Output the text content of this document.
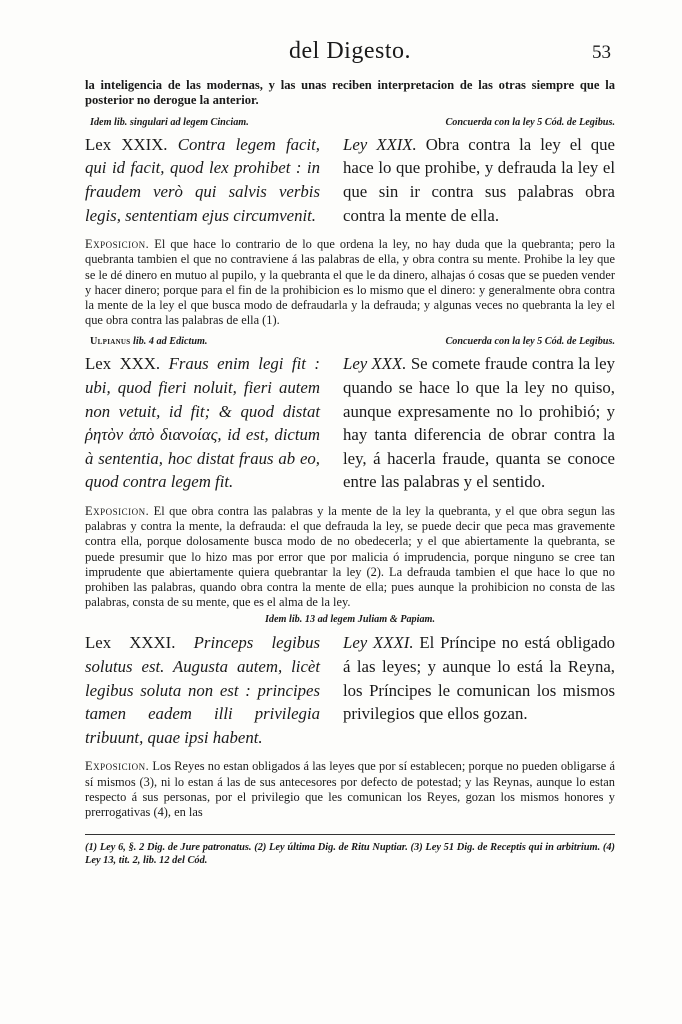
del Digesto.	53

la inteligencia de las modernas, y las unas reciben interpretacion de las otras siempre que la posterior no derogue la anterior.

Idem lib. singulari ad legem Cinciam.	Concuerda con la ley 5 Cód. de Legibus.
Lex XXIX. Contra legem facit, qui id facit, quod lex prohibet : in fraudem verò qui salvis verbis legis, sententiam ejus circumvenit.
Ley XXIX. Obra contra la ley el que hace lo que prohibe, y defrauda la ley el que sin ir contra sus palabras obra contra la mente de ella.

Exposicion. El que hace lo contrario de lo que ordena la ley, no hay duda que la quebranta; pero la quebranta tambien el que no contraviene á las palabras de ella, y obra contra su mente. Prohibe la ley que se le dé dinero en mutuo al pupilo, y la quebranta el que le da dinero, alhajas ó cosas que se pueden vender y hacer dinero; porque para el fin de la prohibicion es lo mismo que el dinero: y generalmente obra contra la mente de la ley el que busca modo de defraudarla y la defrauda; y algunas veces no quebranta la ley el que obra contra las palabras de ella (1).

Ulpianus lib. 4 ad Edictum.	Concuerda con la ley 5 Cód. de Legibus.
Lex XXX. Fraus enim legi fit : ubi, quod fieri noluit, fieri autem non vetuit, id fit; & quod distat ῥητὸν ἀπὸ διανοίας, id est, dictum à sententia, hoc distat fraus ab eo, quod contra legem fit.
Ley XXX. Se comete fraude contra la ley quando se hace lo que la ley no quiso, aunque expresamente no lo prohibió; y hay tanta diferencia de obrar contra la ley, á hacerla fraude, quanta se conoce entre las palabras y el sentido.

Exposicion. El que obra contra las palabras y la mente de la ley la quebranta, y el que obra segun las palabras y contra la mente, la defrauda: el que defrauda la ley, se puede decir que peca mas gravemente contra ella, porque dolosamente busca modo de no obedecerla; y el que abiertamente la quebranta, se puede presumir que lo hizo mas por error que por malicia ó imprudencia, porque ninguno se cree tan imprudente que abiertamente quiera quebrantar la ley (2). La defrauda tambien el que hace lo que no prohiben las palabras, quando obra contra la mente de ella; pues aunque la prohibicion no consta de las palabras, consta de su mente, que es el alma de la ley.

Idem lib. 13 ad legem Juliam & Papiam.
Lex XXXI. Princeps legibus solutus est. Augusta autem, licèt legibus soluta non est : principes tamen eadem illi privilegia tribuunt, quae ipsi habent.
Ley XXXI. El Príncipe no está obligado á las leyes; y aunque lo está la Reyna, los Príncipes le comunican los mismos privilegios que ellos gozan.

Exposicion. Los Reyes no estan obligados á las leyes que por sí establecen; porque no pueden obligarse á sí mismos (3), ni lo estan á las de sus antecesores por defecto de potestad; y las Reynas, aunque lo estan respecto á sus personas, por el privilegio que les comunican los Reyes, gozan los mismos honores y prerrogativas (4), en las

(1) Ley 6, §. 2 Dig. de Jure patronatus. (2) Ley última Dig. de Ritu Nuptiar. (3) Ley 51 Dig. de Receptis qui in arbitrium. (4) Ley 13, tit. 2, lib. 12 del Cód.
